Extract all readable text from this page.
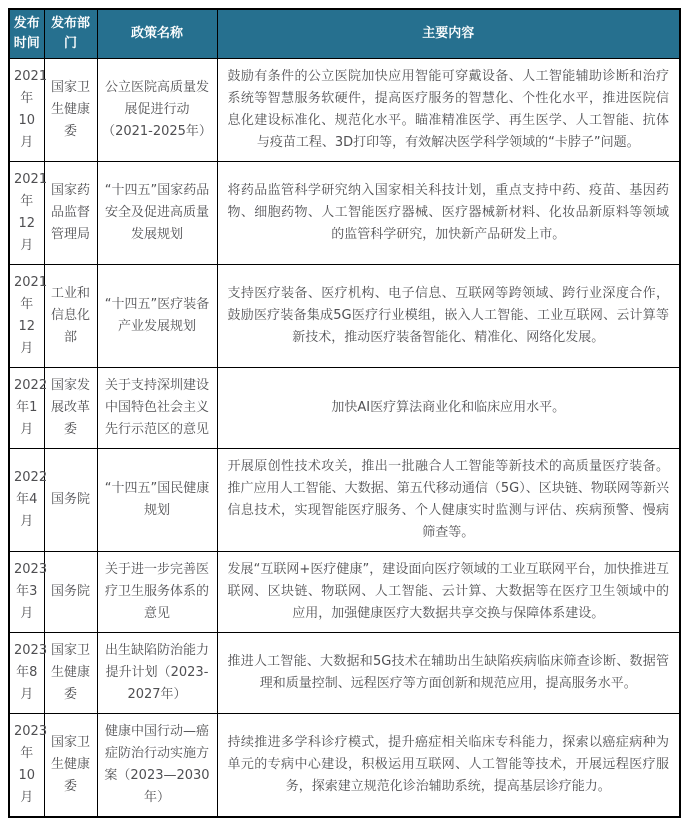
发布时间	发布部门	政策名称	主要内容
2021年10月	国家卫生健康委	公立医院高质量发展促进行动（2021-2025年）	鼓励有条件的公立医院加快应用智能可穿戴设备、人工智能辅助诊断和治疗系统等智慧服务软硬件，提高医疗服务的智慧化、个性化水平，推进医院信息化建设标准化、规范化水平。瞄准精准医学、再生医学、人工智能、抗体与疫苗工程、3D打印等，有效解决医学科学领域的“卡脖子”问题。
2021年12月	国家药品监督管理局	“十四五”国家药品安全及促进高质量发展规划	将药品监管科学研究纳入国家相关科技计划，重点支持中药、疫苗、基因药物、细胞药物、人工智能医疗器械、医疗器械新材料、化妆品新原料等领域的监管科学研究，加快新产品研发上市。
2021年12月	工业和信息化部	“十四五”医疗装备产业发展规划	支持医疗装备、医疗机构、电子信息、互联网等跨领域、跨行业深度合作，鼓励医疗装备集成5G医疗行业模组，嵌入人工智能、工业互联网、云计算等新技术，推动医疗装备智能化、精准化、网络化发展。
2022年1月	国家发展改革委	关于支持深圳建设中国特色社会主义先行示范区的意见	加快AI医疗算法商业化和临床应用水平。
2022年4月	国务院	“十四五”国民健康规划	开展原创性技术攻关，推出一批融合人工智能等新技术的高质量医疗装备。推广应用人工智能、大数据、第五代移动通信（5G）、区块链、物联网等新兴信息技术，实现智能医疗服务、个人健康实时监测与评估、疾病预警、慢病筛查等。
2023年3月	国务院	关于进一步完善医疗卫生服务体系的意见	发展“互联网+医疗健康”，建设面向医疗领域的工业互联网平台，加快推进互联网、区块链、物联网、人工智能、云计算、大数据等在医疗卫生领域中的应用，加强健康医疗大数据共享交换与保障体系建设。
2023年8月	国家卫生健康委	出生缺陷防治能力提升计划（2023-2027年）	推进人工智能、大数据和5G技术在辅助出生缺陷疾病临床筛查诊断、数据管理和质量控制、远程医疗等方面创新和规范应用，提高服务水平。
2023年10月	国家卫生健康委	健康中国行动—癌症防治行动实施方案（2023—2030年）	持续推进多学科诊疗模式，提升癌症相关临床专科能力，探索以癌症病种为单元的专病中心建设，积极运用互联网、人工智能等技术，开展远程医疗服务，探索建立规范化诊治辅助系统，提高基层诊疗能力。
